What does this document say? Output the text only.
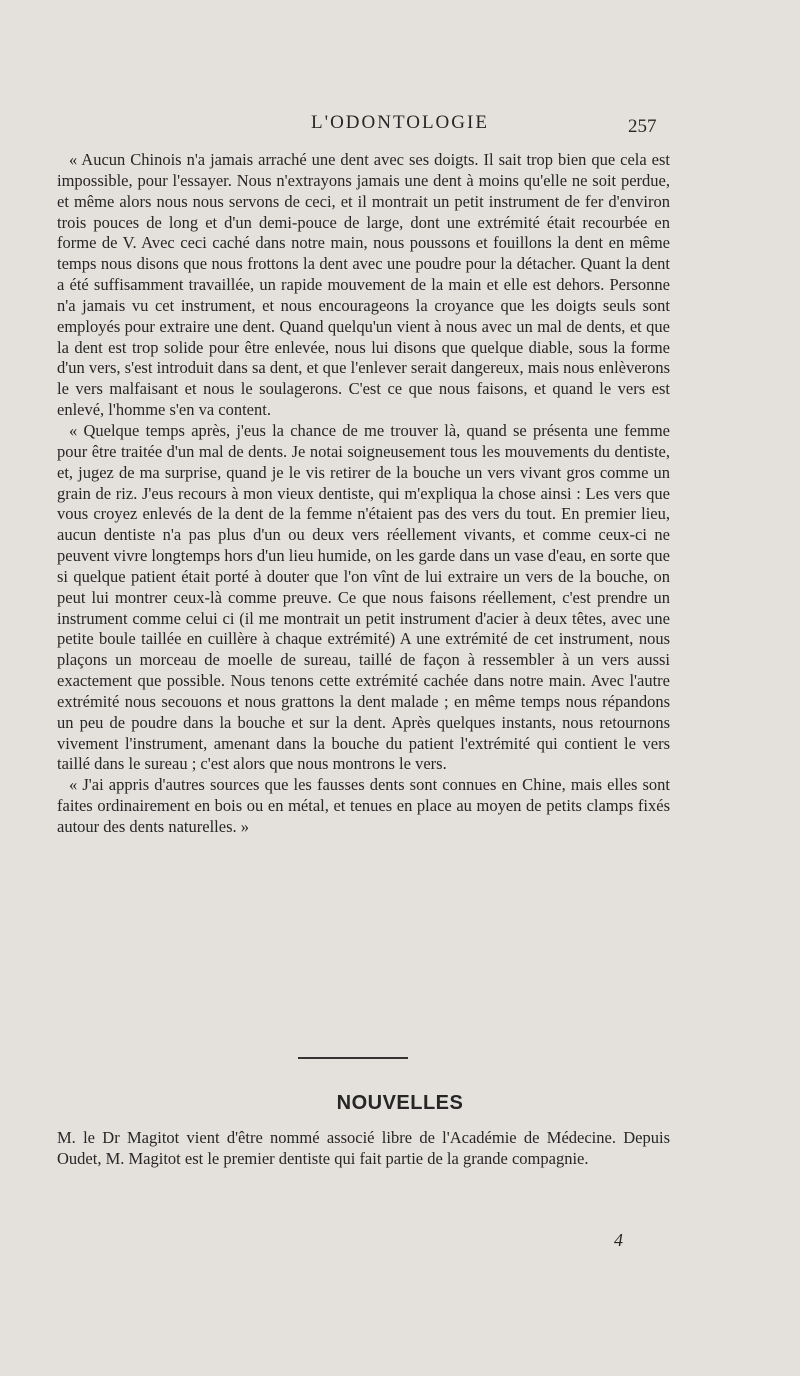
L'ODONTOLOGIE	257

« Aucun Chinois n'a jamais arraché une dent avec ses doigts. Il sait trop bien que cela est impossible, pour l'essayer. Nous n'extrayons jamais une dent à moins qu'elle ne soit perdue, et même alors nous nous servons de ceci, et il montrait un petit instrument de fer d'environ trois pouces de long et d'un demi-pouce de large, dont une extrémité était recourbée en forme de V. Avec ceci caché dans notre main, nous poussons et fouillons la dent en même temps nous disons que nous frottons la dent avec une poudre pour la détacher. Quant la dent a été suffisamment travaillée, un rapide mouvement de la main et elle est dehors. Personne n'a jamais vu cet instrument, et nous encourageons la croyance que les doigts seuls sont employés pour extraire une dent. Quand quelqu'un vient à nous avec un mal de dents, et que la dent est trop solide pour être enlevée, nous lui disons que quelque diable, sous la forme d'un vers, s'est introduit dans sa dent, et que l'enlever serait dangereux, mais nous enlèverons le vers malfaisant et nous le soulagerons. C'est ce que nous faisons, et quand le vers est enlevé, l'homme s'en va content.

« Quelque temps après, j'eus la chance de me trouver là, quand se présenta une femme pour être traitée d'un mal de dents. Je notai soigneusement tous les mouvements du dentiste, et, jugez de ma surprise, quand je le vis retirer de la bouche un vers vivant gros comme un grain de riz. J'eus recours à mon vieux dentiste, qui m'expliqua la chose ainsi : Les vers que vous croyez enlevés de la dent de la femme n'étaient pas des vers du tout. En premier lieu, aucun dentiste n'a pas plus d'un ou deux vers réellement vivants, et comme ceux-ci ne peuvent vivre longtemps hors d'un lieu humide, on les garde dans un vase d'eau, en sorte que si quelque patient était porté à douter que l'on vînt de lui extraire un vers de la bouche, on peut lui montrer ceux-là comme preuve. Ce que nous faisons réellement, c'est prendre un instrument comme celui ci (il me montrait un petit instrument d'acier à deux têtes, avec une petite boule taillée en cuillère à chaque extrémité) A une extrémité de cet instrument, nous plaçons un morceau de moelle de sureau, taillé de façon à ressembler à un vers aussi exactement que possible. Nous tenons cette extrémité cachée dans notre main. Avec l'autre extrémité nous secouons et nous grattons la dent malade ; en même temps nous répandons un peu de poudre dans la bouche et sur la dent. Après quelques instants, nous retournons vivement l'instrument, amenant dans la bouche du patient l'extrémité qui contient le vers taillé dans le sureau ; c'est alors que nous montrons le vers.

« J'ai appris d'autres sources que les fausses dents sont connues en Chine, mais elles sont faites ordinairement en bois ou en métal, et tenues en place au moyen de petits clamps fixés autour des dents naturelles. »

NOUVELLES

M. le Dr Magitot vient d'être nommé associé libre de l'Académie de Médecine. Depuis Oudet, M. Magitot est le premier dentiste qui fait partie de la grande compagnie.

4
